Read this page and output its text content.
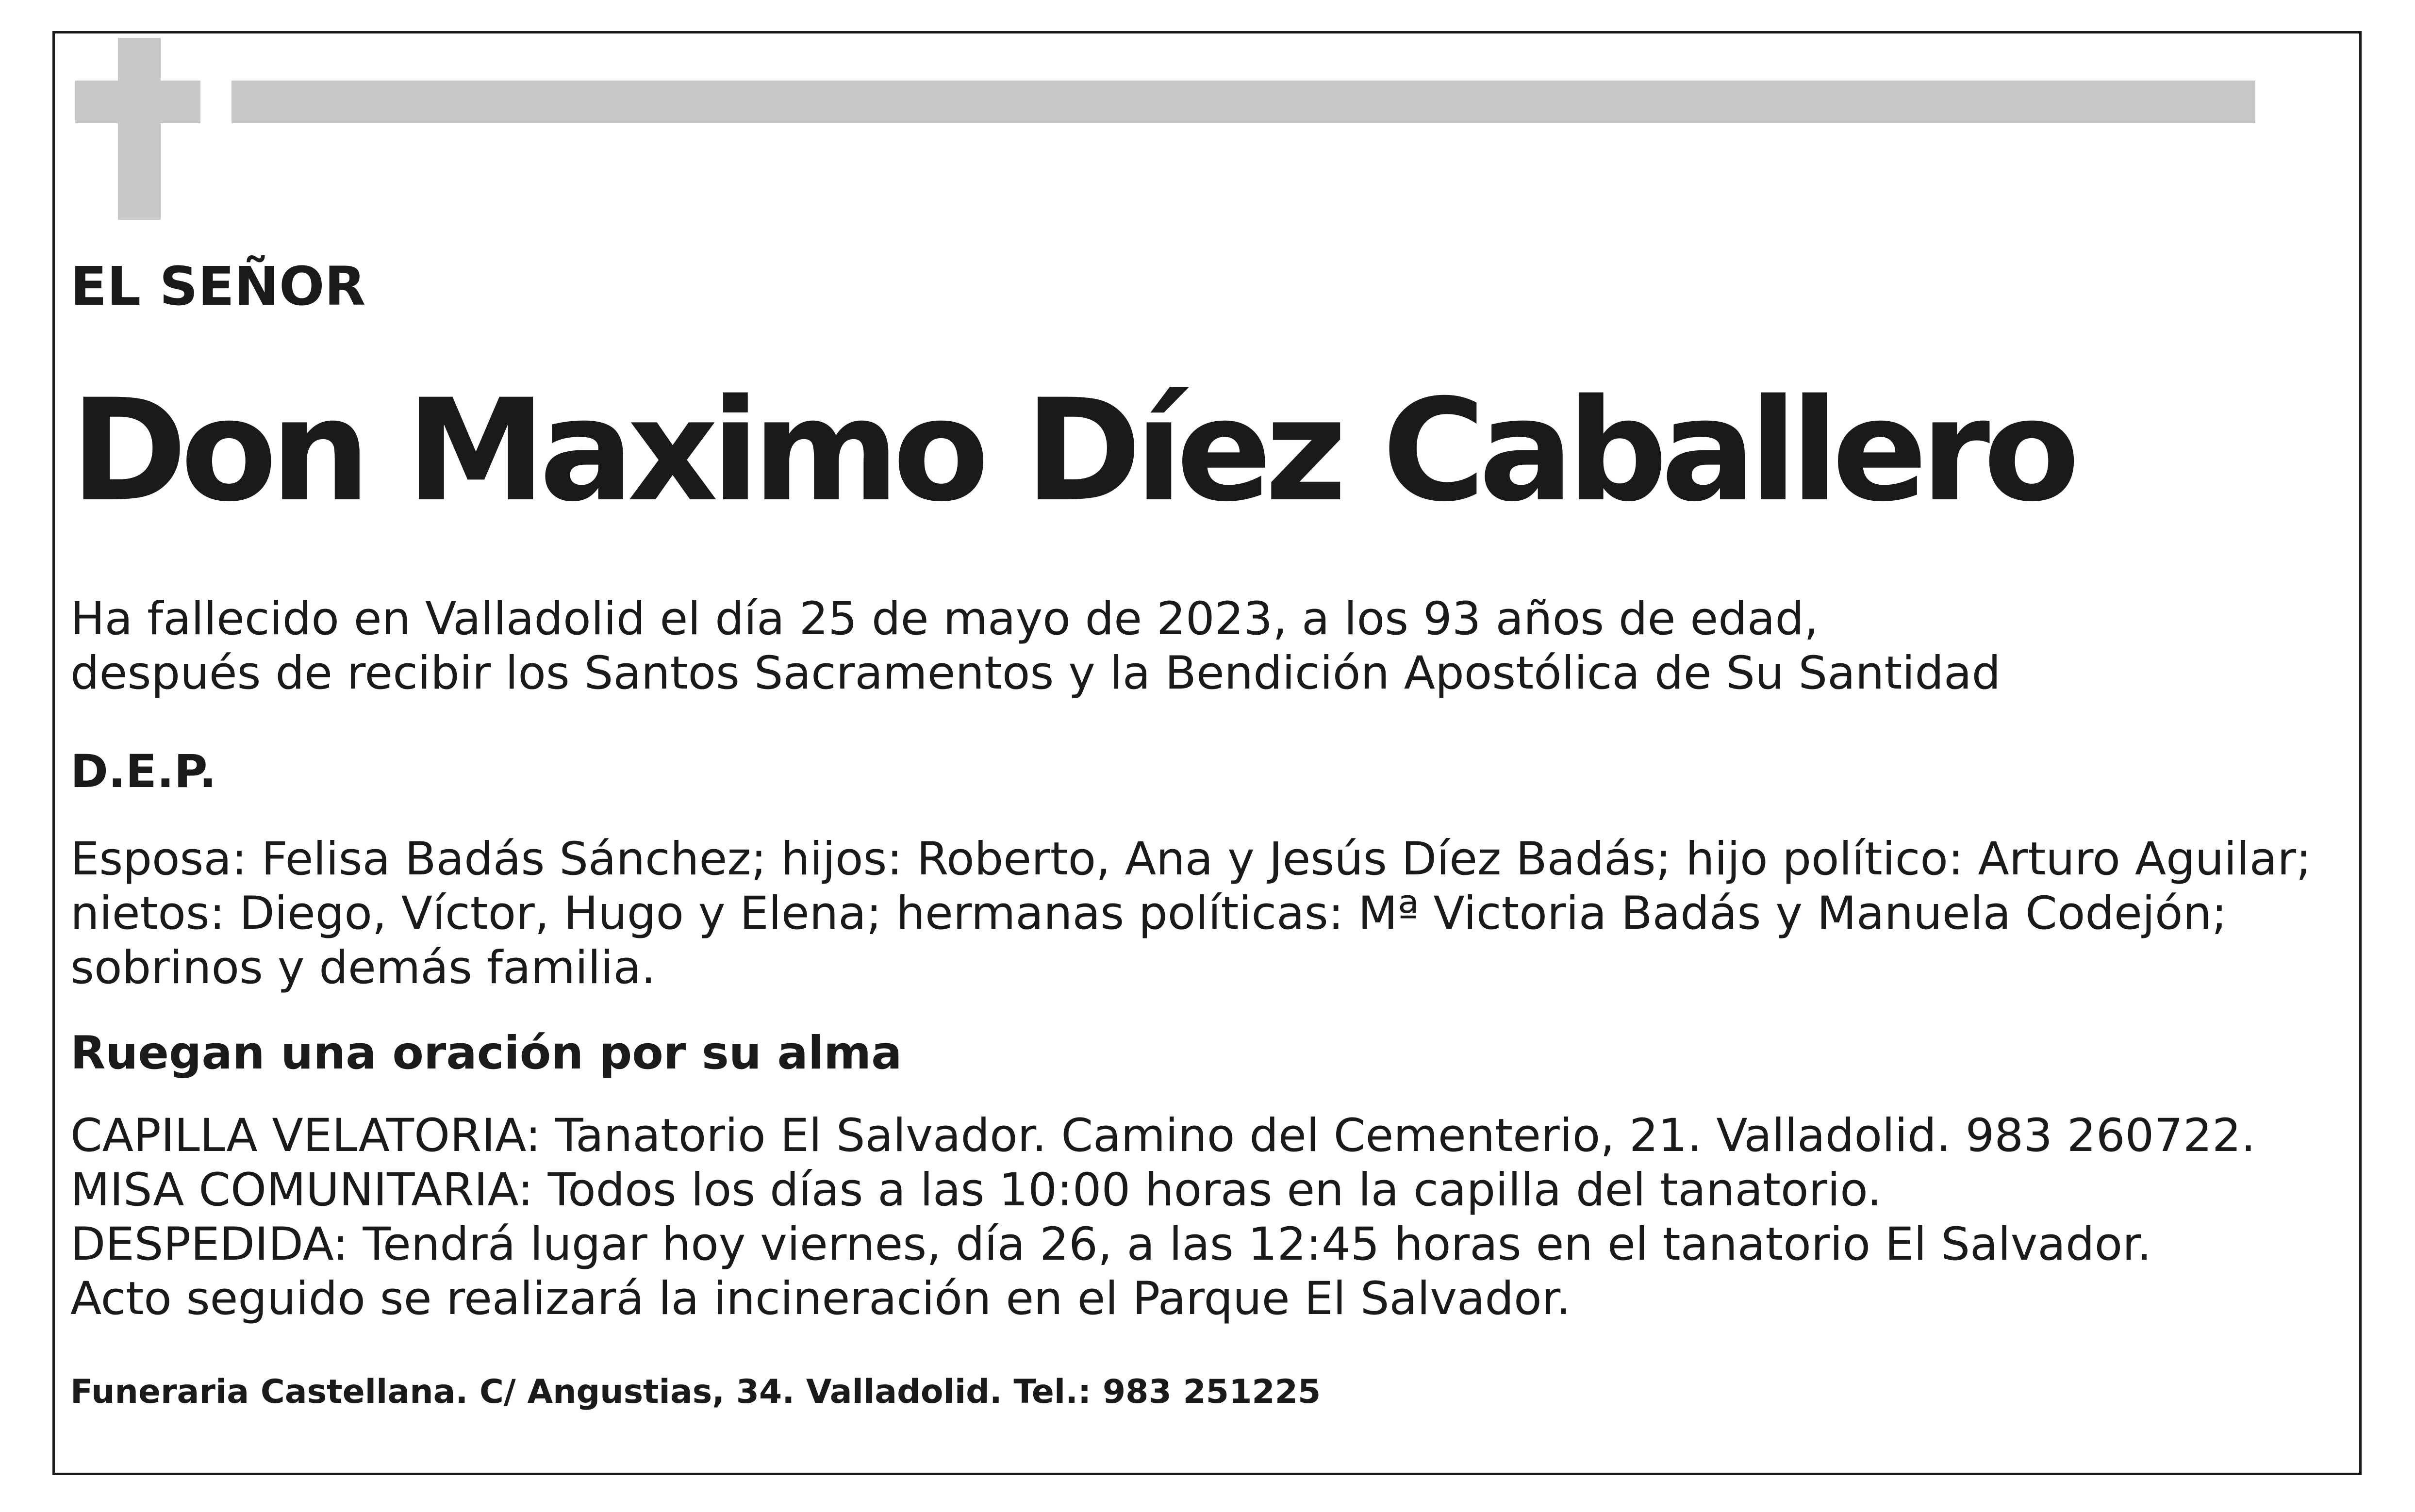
EL SEÑOR

Don Maximo Díez Caballero
Ha fallecido en Valladolid el día 25 de mayo de 2023, a los 93 años de edad,
después de recibir los Santos Sacramentos y la Bendición Apostólica de Su Santidad

D.E.P.

Esposa: Felisa Badás Sánchez; hijos: Roberto, Ana y Jesús Díez Badás; hijo político: Arturo Aguilar;
nietos: Diego, Víctor, Hugo y Elena; hermanas políticas: Mª Victoria Badás y Manuela Codejón;
sobrinos y demás familia.

Ruegan una oración por su alma

CAPILLA VELATORIA: Tanatorio El Salvador. Camino del Cementerio, 21. Valladolid. 983 260722.
MISA COMUNITARIA: Todos los días a las 10:00 horas en la capilla del tanatorio.
DESPEDIDA: Tendrá lugar hoy viernes, día 26, a las 12:45 horas en el tanatorio El Salvador.
Acto seguido se realizará la incineración en el Parque El Salvador.

Funeraria Castellana. C/ Angustias, 34. Valladolid. Tel.: 983 251225
